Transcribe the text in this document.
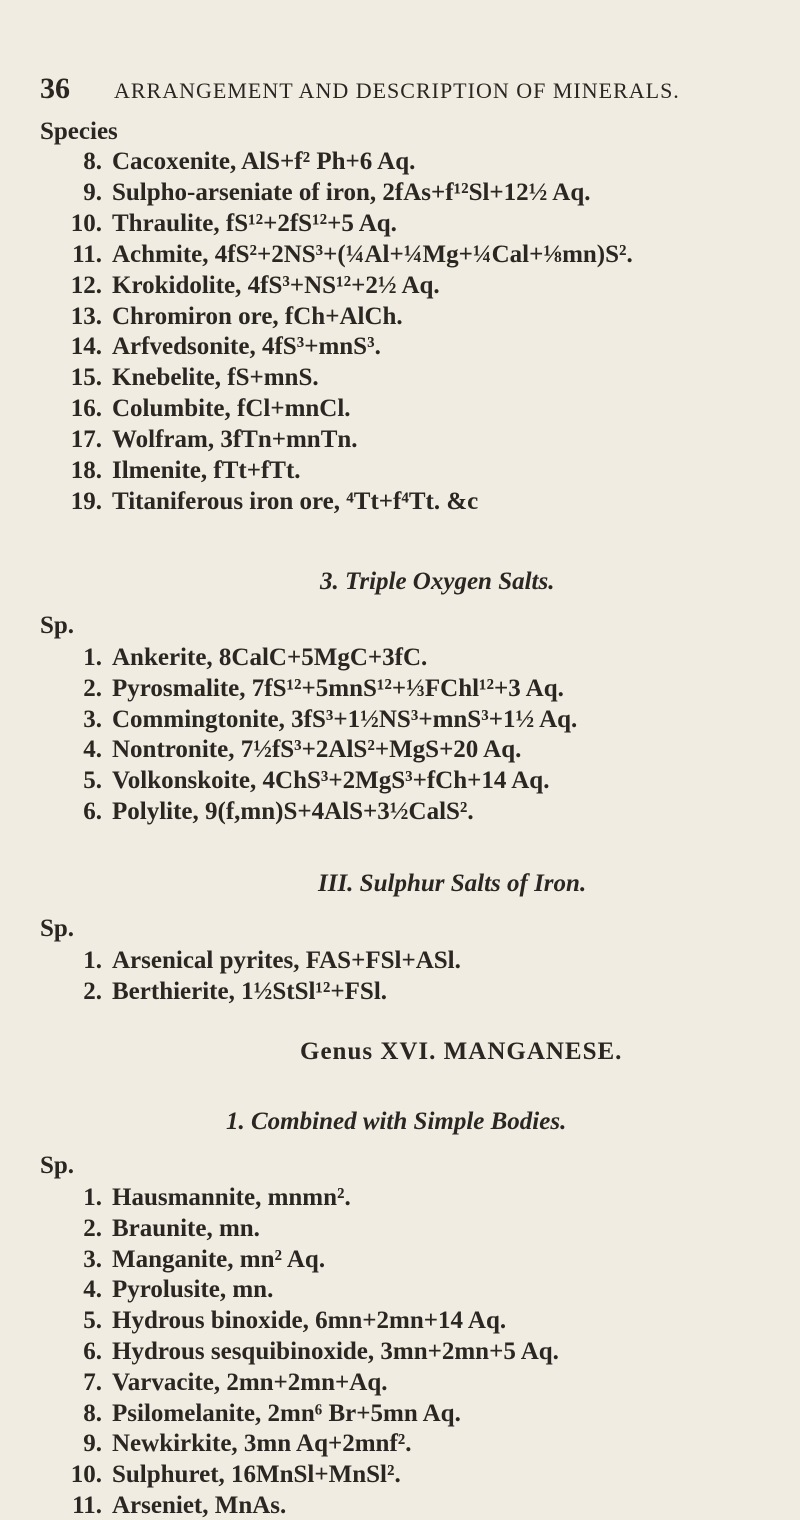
36 ARRANGEMENT AND DESCRIPTION OF MINERALS.
Species
8. Cacoxenite, AlS+f² Ph+6 Aq.
9. Sulpho-arseniate of iron, 2fAs+f¹²Sl+12½ Aq.
10. Thraulite, fS¹²+2fS¹²+5 Aq.
11. Achmite, 4fS²+2NS³+(¼Al+¼Mg+¼Cal+⅛mn)S².
12. Krokidolite, 4fS³+NS¹²+2½ Aq.
13. Chromiron ore, fCh+AlCh.
14. Arfvedsonite, 4fS³+mnS³.
15. Knebelite, fS+mnS.
16. Columbite, fCl+mnCl.
17. Wolfram, 3fTn+mnTn.
18. Ilmenite, fTt+fTt.
19. Titaniferous iron ore, ⁴Tt+f⁴Tt. &c
3. Triple Oxygen Salts.
Sp.
1. Ankerite, 8CalC+5MgC+3fC.
2. Pyrosmalite, 7fS¹²+5mnS¹²+⅓FChl¹²+3 Aq.
3. Commingtonite, 3fS³+1½NS³+mnS³+1½ Aq.
4. Nontronite, 7½fS³+2AlS²+MgS+20 Aq.
5. Volkonskoite, 4ChS³+2MgS³+fCh+14 Aq.
6. Polylite, 9(f,mn)S+4AlS+3½CalS².
III. Sulphur Salts of Iron.
Sp.
1. Arsenical pyrites, FAS+FSl+ASl.
2. Berthierite, 1½StSl¹²+FSl.
Genus XVI. MANGANESE.
1. Combined with Simple Bodies.
Sp.
1. Hausmannite, mnmn².
2. Braunite, mn.
3. Manganite, mn² Aq.
4. Pyrolusite, mn.
5. Hydrous binoxide, 6mn+2mn+14 Aq.
6. Hydrous sesquibinoxide, 3mn+2mn+5 Aq.
7. Varvacite, 2mn+2mn+Aq.
8. Psilomelanite, 2mn⁶ Br+5mn Aq.
9. Newkirkite, 3mn Aq+2mnf².
10. Sulphuret, 16MnSl+MnSl².
11. Arseniet, MnAs.
